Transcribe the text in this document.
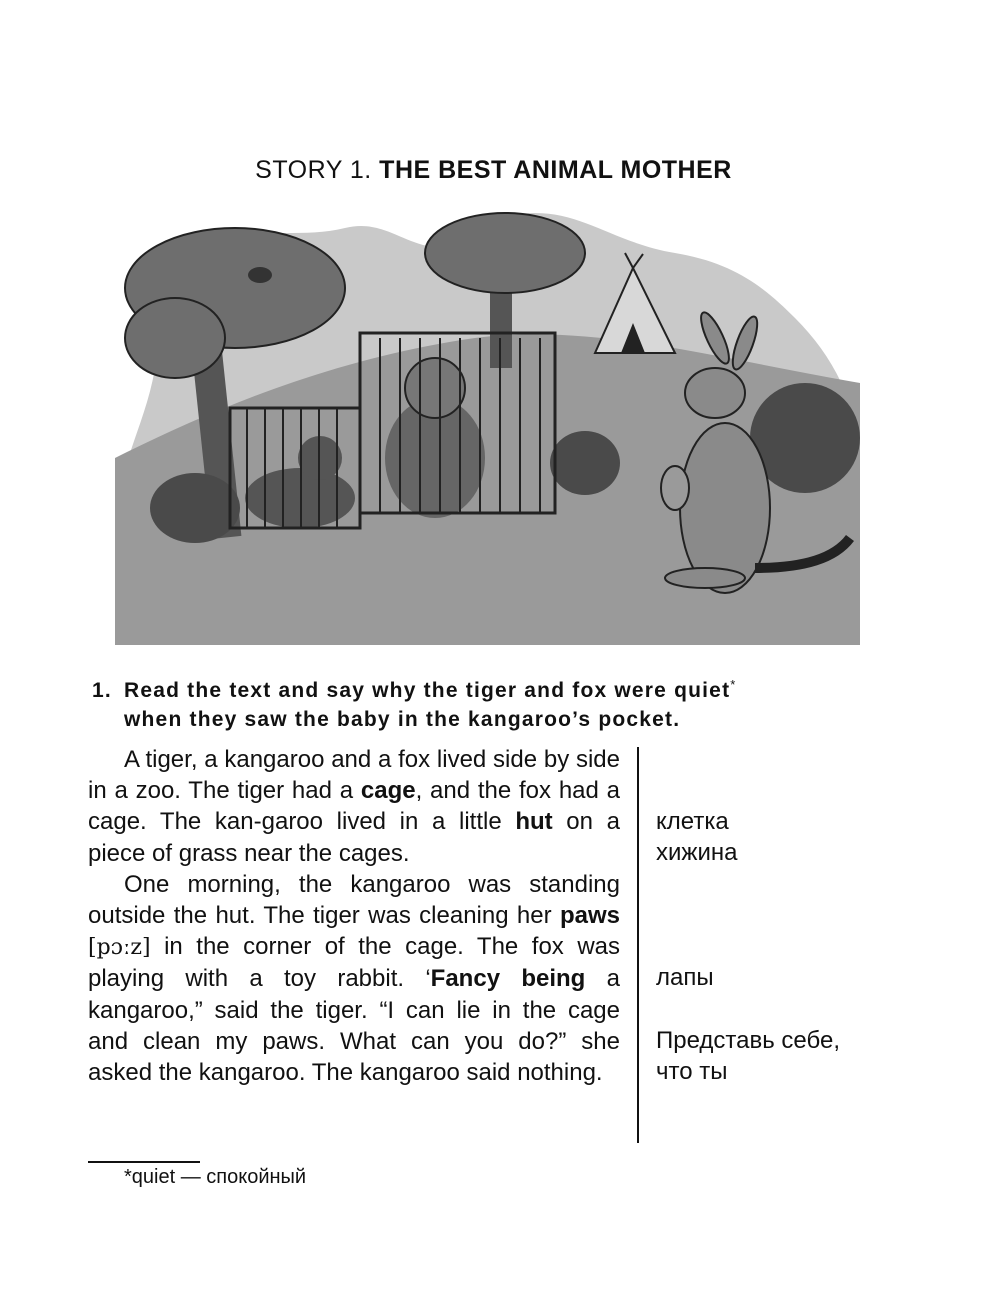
STORY 1. THE BEST ANIMAL MOTHER
1. Read the text and say why the tiger and fox were quiet*
when they saw the baby in the kangaroo’s pocket.

A tiger, a kangaroo and a fox lived side by side in a zoo. The tiger had a cage, and the fox had a cage. The kan-garoo lived in a little hut on a piece of grass near the cages.

One morning, the kangaroo was standing outside the hut. The tiger was cleaning her paws [pɔːz] in the corner of the cage. The fox was playing with a toy rabbit. ‘Fancy being a kangaroo,” said the tiger. “I can lie in the cage and clean my paws. What can you do?” she asked the kangaroo. The kangaroo said nothing.

клетка
хижина
лапы
Представь себе,
что ты
*quiet — спокойный
